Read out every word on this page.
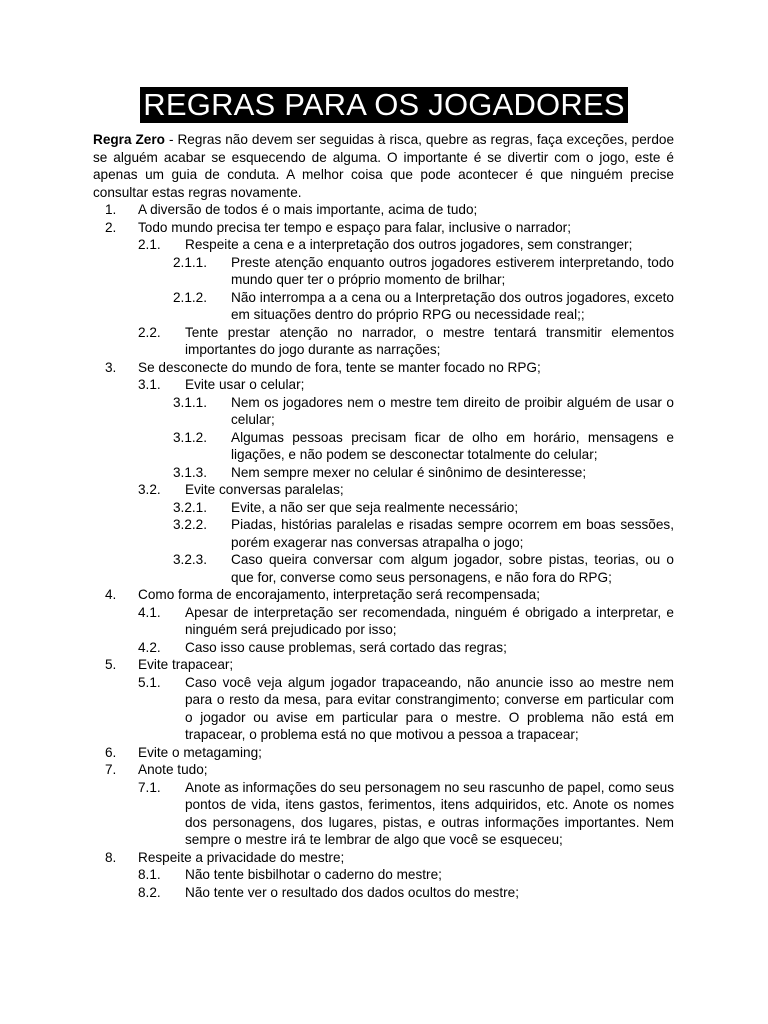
REGRAS PARA OS JOGADORES

Regra Zero - Regras não devem ser seguidas à risca, quebre as regras, faça exceções, perdoe se alguém acabar se esquecendo de alguma. O importante é se divertir com o jogo, este é apenas um guia de conduta. A melhor coisa que pode acontecer é que ninguém precise consultar estas regras novamente.

1. A diversão de todos é o mais importante, acima de tudo;
2. Todo mundo precisa ter tempo e espaço para falar, inclusive o narrador;
2.1. Respeite a cena e a interpretação dos outros jogadores, sem constranger;
2.1.1. Preste atenção enquanto outros jogadores estiverem interpretando, todo mundo quer ter o próprio momento de brilhar;
2.1.2. Não interrompa a a cena ou a Interpretação dos outros jogadores, exceto em situações dentro do próprio RPG ou necessidade real;;
2.2. Tente prestar atenção no narrador, o mestre tentará transmitir elementos importantes do jogo durante as narrações;
3. Se desconecte do mundo de fora, tente se manter focado no RPG;
3.1. Evite usar o celular;
3.1.1. Nem os jogadores nem o mestre tem direito de proibir alguém de usar o celular;
3.1.2. Algumas pessoas precisam ficar de olho em horário, mensagens e ligações, e não podem se desconectar totalmente do celular;
3.1.3. Nem sempre mexer no celular é sinônimo de desinteresse;
3.2. Evite conversas paralelas;
3.2.1. Evite, a não ser que seja realmente necessário;
3.2.2. Piadas, histórias paralelas e risadas sempre ocorrem em boas sessões, porém exagerar nas conversas atrapalha o jogo;
3.2.3. Caso queira conversar com algum jogador, sobre pistas, teorias, ou o que for, converse como seus personagens, e não fora do RPG;
4. Como forma de encorajamento, interpretação será recompensada;
4.1. Apesar de interpretação ser recomendada, ninguém é obrigado a interpretar, e ninguém será prejudicado por isso;
4.2. Caso isso cause problemas, será cortado das regras;
5. Evite trapacear;
5.1. Caso você veja algum jogador trapaceando, não anuncie isso ao mestre nem para o resto da mesa, para evitar constrangimento; converse em particular com o jogador ou avise em particular para o mestre. O problema não está em trapacear, o problema está no que motivou a pessoa a trapacear;
6. Evite o metagaming;
7. Anote tudo;
7.1. Anote as informações do seu personagem no seu rascunho de papel, como seus pontos de vida, itens gastos, ferimentos, itens adquiridos, etc. Anote os nomes dos personagens, dos lugares, pistas, e outras informações importantes. Nem sempre o mestre irá te lembrar de algo que você se esqueceu;
8. Respeite a privacidade do mestre;
8.1. Não tente bisbilhotar o caderno do mestre;
8.2. Não tente ver o resultado dos dados ocultos do mestre;
